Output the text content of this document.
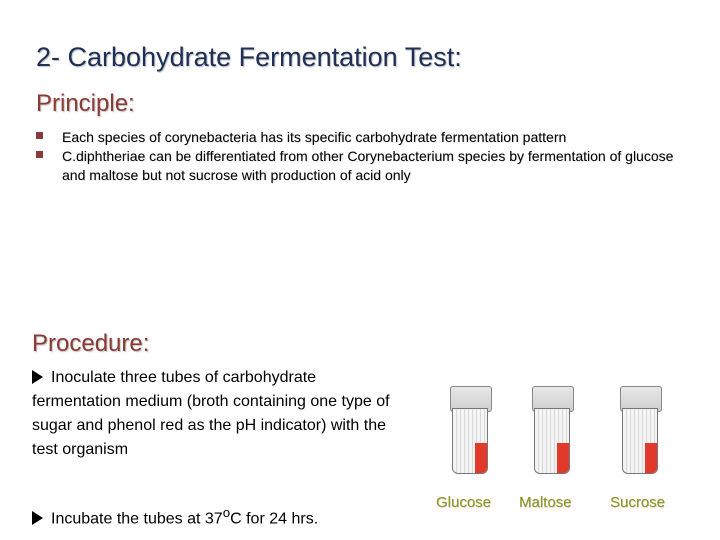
2- Carbohydrate Fermentation Test:
Principle:
Each species of corynebacteria has its specific carbohydrate fermentation pattern
C.diphtheriae can be differentiated from other Corynebacterium species by fermentation of glucose and maltose but not sucrose with production of acid only
Procedure:
Inoculate three tubes of carbohydrate fermentation medium (broth containing one type of sugar and phenol red as the pH indicator) with the test organism
Incubate the tubes at 37$^o$C for 24 hrs.
Glucose Maltose	Sucrose
